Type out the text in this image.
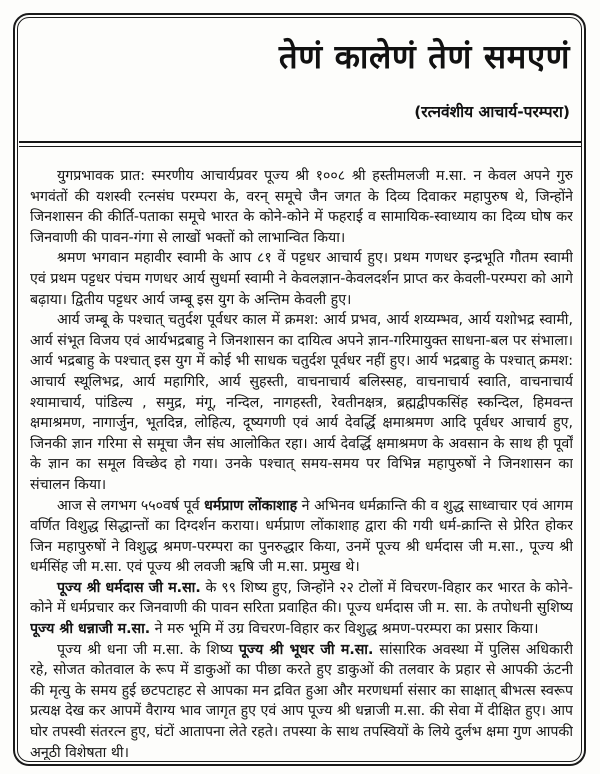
तेणं कालेणं तेणं समएणं
(रत्नवंशीय आचार्य-परम्परा)

युगप्रभावक प्रात: स्मरणीय आचार्यप्रवर पूज्य श्री १००८ श्री हस्तीमलजी म.सा. न केवल अपने गुरु भगवंतों की यशस्वी रत्नसंघ परम्परा के, वरन् समूचे जैन जगत के दिव्य दिवाकर महापुरुष थे, जिन्होंने जिनशासन की कीर्ति-पताका समूचे भारत के कोने-कोने में फहराई व सामायिक-स्वाध्याय का दिव्य घोष कर जिनवाणी की पावन-गंगा से लाखों भक्तों को लाभान्वित किया।

श्रमण भगवान महावीर स्वामी के आप ८१ वें पट्टधर आचार्य हुए। प्रथम गणधर इन्द्रभूति गौतम स्वामी एवं प्रथम पट्टधर पंचम गणधर आर्य सुधर्मा स्वामी ने केवलज्ञान-केवलदर्शन प्राप्त कर केवली-परम्परा को आगे बढ़ाया। द्वितीय पट्टधर आर्य जम्बू इस युग के अन्तिम केवली हुए।

आर्य जम्बू के पश्चात् चतुर्दश पूर्वधर काल में क्रमश: आर्य प्रभव, आर्य शय्यम्भव, आर्य यशोभद्र स्वामी, आर्य संभूत विजय एवं आर्यभद्रबाहु ने जिनशासन का दायित्व अपने ज्ञान-गरिमायुक्त साधना-बल पर संभाला। आर्य भद्रबाहु के पश्चात् इस युग में कोई भी साधक चतुर्दश पूर्वधर नहीं हुए। आर्य भद्रबाहु के पश्चात् क्रमश: आचार्य स्थूलिभद्र, आर्य महागिरि, आर्य सुहस्ती, वाचनाचार्य बलिस्सह, वाचनाचार्य स्वाति, वाचनाचार्य श्यामाचार्य, पांडिल्य , समुद्र, मंगू, नन्दिल, नागहस्ती, रेवतीनक्षत्र, ब्रह्मद्वीपकसिंह स्कन्दिल, हिमवन्त क्षमाश्रमण, नागार्जुन, भूतदिन्न, लोहित्य, दूष्यगणी एवं आर्य देवर्द्धि क्षमाश्रमण आदि पूर्वधर आचार्य हुए, जिनकी ज्ञान गरिमा से समूचा जैन संघ आलोकित रहा। आर्य देवर्द्धि क्षमाश्रमण के अवसान के साथ ही पूर्वों के ज्ञान का समूल विच्छेद हो गया। उनके पश्चात् समय-समय पर विभिन्न महापुरुषों ने जिनशासन का संचालन किया।

आज से लगभग ५५०वर्ष पूर्व धर्मप्राण लोंकाशाह ने अभिनव धर्मक्रान्ति की व शुद्ध साध्वाचार एवं आगम वर्णित विशुद्ध सिद्धान्तों का दिग्दर्शन कराया। धर्मप्राण लोंकाशाह द्वारा की गयी धर्म-क्रान्ति से प्रेरित होकर जिन महापुरुषों ने विशुद्ध श्रमण-परम्परा का पुनरुद्धार किया, उनमें पूज्य श्री धर्मदास जी म.सा., पूज्य श्री धर्मसिंह जी म.सा. एवं पूज्य श्री लवजी ऋषि जी म.सा. प्रमुख थे।

पूज्य श्री धर्मदास जी म.सा. के ९९ शिष्य हुए, जिन्होंने २२ टोलों में विचरण-विहार कर भारत के कोने-कोने में धर्मप्रचार कर जिनवाणी की पावन सरिता प्रवाहित की। पूज्य धर्मदास जी म. सा. के तपोधनी सुशिष्य पूज्य श्री धन्नाजी म.सा. ने मरु भूमि में उग्र विचरण-विहार कर विशुद्ध श्रमण-परम्परा का प्रसार किया।

पूज्य श्री धना जी म.सा. के शिष्य पूज्य श्री भूधर जी म.सा. सांसारिक अवस्था में पुलिस अधिकारी रहे, सोजत कोतवाल के रूप में डाकुओं का पीछा करते हुए डाकुओं की तलवार के प्रहार से आपकी ऊंटनी की मृत्यु के समय हुई छटपटाहट से आपका मन द्रवित हुआ और मरणधर्मा संसार का साक्षात् बीभत्स स्वरूप प्रत्यक्ष देख कर आपमें वैराग्य भाव जागृत हुए एवं आप पूज्य श्री धन्नाजी म.सा. की सेवा में दीक्षित हुए। आप घोर तपस्वी संतरत्न हुए, घंटों आतापना लेते रहते। तपस्या के साथ तपस्वियों के लिये दुर्लभ क्षमा गुण आपकी अनूठी विशेषता थी।
